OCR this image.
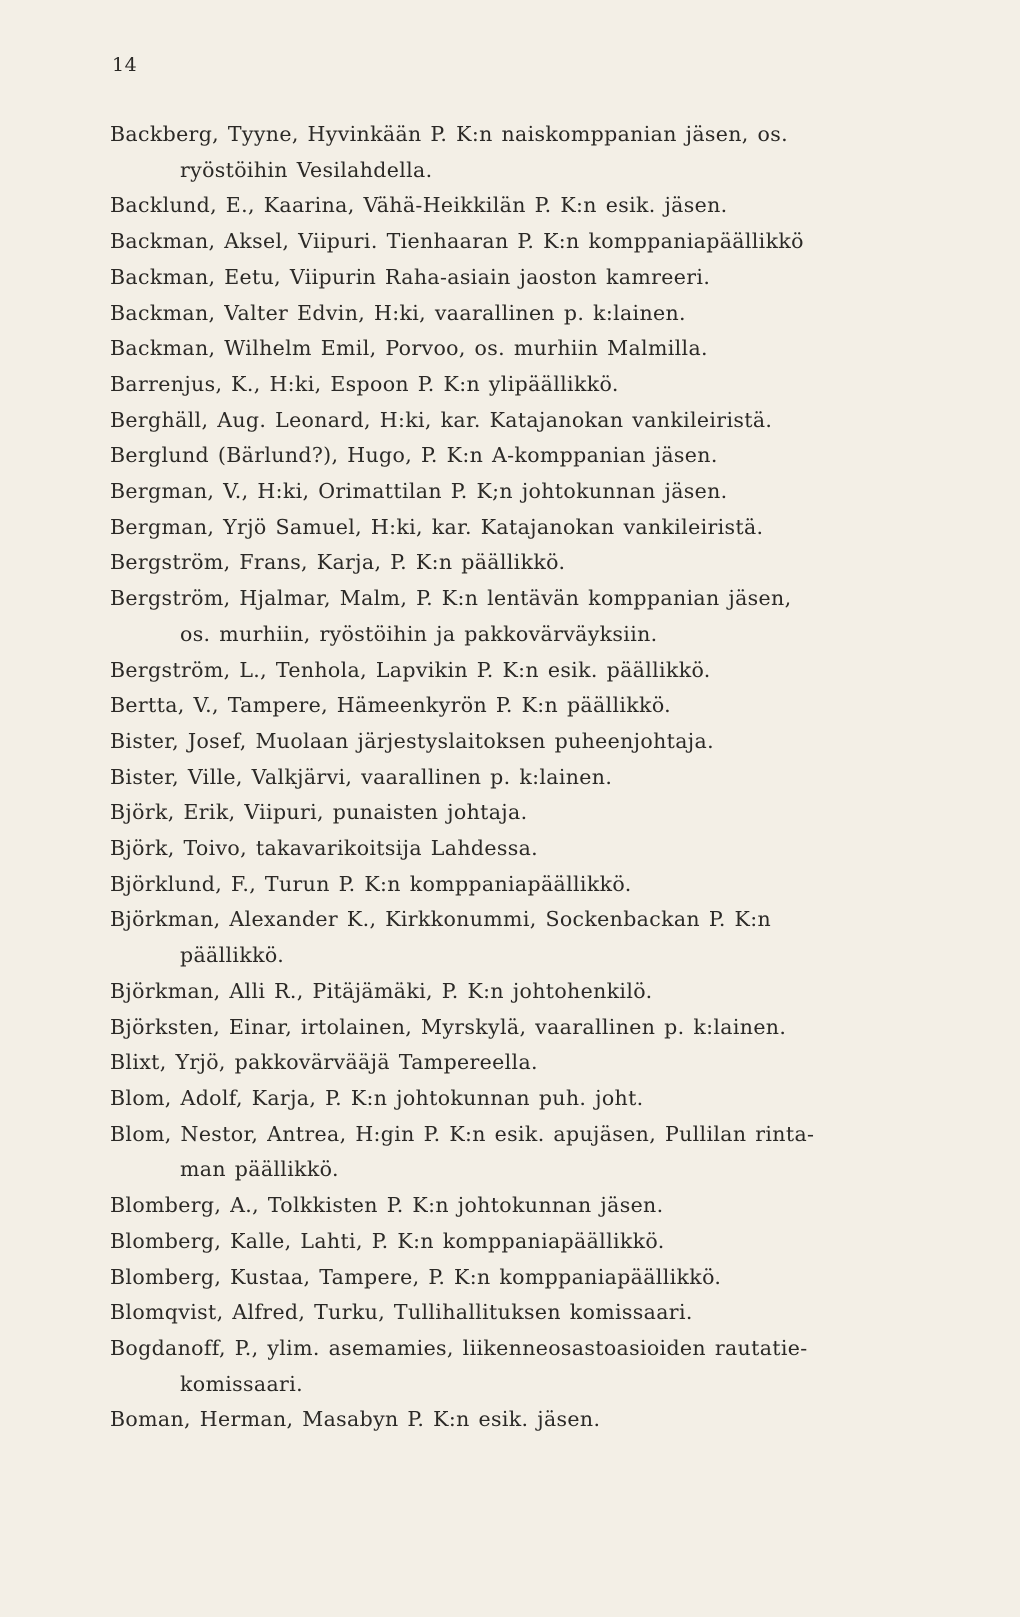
14
Backberg, Tyyne, Hyvinkään P. K:n naiskomppanian jäsen, os.
ryöstöihin Vesilahdella.
Backlund, E., Kaarina, Vähä-Heikkilän P. K:n esik. jäsen.
Backman, Aksel, Viipuri. Tienhaaran P. K:n komppaniapäällikkö
Backman, Eetu, Viipurin Raha-asiain jaoston kamreeri.
Backman, Valter Edvin, H:ki, vaarallinen p. k:lainen.
Backman, Wilhelm Emil, Porvoo, os. murhiin Malmilla.
Barrenjus, K., H:ki, Espoon P. K:n ylipäällikkö.
Berghäll, Aug. Leonard, H:ki, kar. Katajanokan vankileiristä.
Berglund (Bärlund?), Hugo, P. K:n A-komppanian jäsen.
Bergman, V., H:ki, Orimattilan P. K;n johtokunnan jäsen.
Bergman, Yrjö Samuel, H:ki, kar. Katajanokan vankileiristä.
Bergström, Frans, Karja, P. K:n päällikkö.
Bergström, Hjalmar, Malm, P. K:n lentävän komppanian jäsen,
os. murhiin, ryöstöihin ja pakkovärväyksiin.
Bergström, L., Tenhola, Lapvikin P. K:n esik. päällikkö.
Bertta, V., Tampere, Hämeenkyrön P. K:n päällikkö.
Bister, Josef, Muolaan järjestyslaitoksen puheenjohtaja.
Bister, Ville, Valkjärvi, vaarallinen p. k:lainen.
Björk, Erik, Viipuri, punaisten johtaja.
Björk, Toivo, takavarikoitsija Lahdessa.
Björklund, F., Turun P. K:n komppaniapäällikkö.
Björkman, Alexander K., Kirkkonummi, Sockenbackan P. K:n
päällikkö.
Björkman, Alli R., Pitäjämäki, P. K:n johtohenkilö.
Björksten, Einar, irtolainen, Myrskylä, vaarallinen p. k:lainen.
Blixt, Yrjö, pakkovärvääjä Tampereella.
Blom, Adolf, Karja, P. K:n johtokunnan puh. joht.
Blom, Nestor, Antrea, H:gin P. K:n esik. apujäsen, Pullilan rinta-
man päällikkö.
Blomberg, A., Tolkkisten P. K:n johtokunnan jäsen.
Blomberg, Kalle, Lahti, P. K:n komppaniapäällikkö.
Blomberg, Kustaa, Tampere, P. K:n komppaniapäällikkö.
Blomqvist, Alfred, Turku, Tullihallituksen komissaari.
Bogdanoff, P., ylim. asemamies, liikenneosastoasioiden rautatie-
komissaari.
Boman, Herman, Masabyn P. K:n esik. jäsen.
